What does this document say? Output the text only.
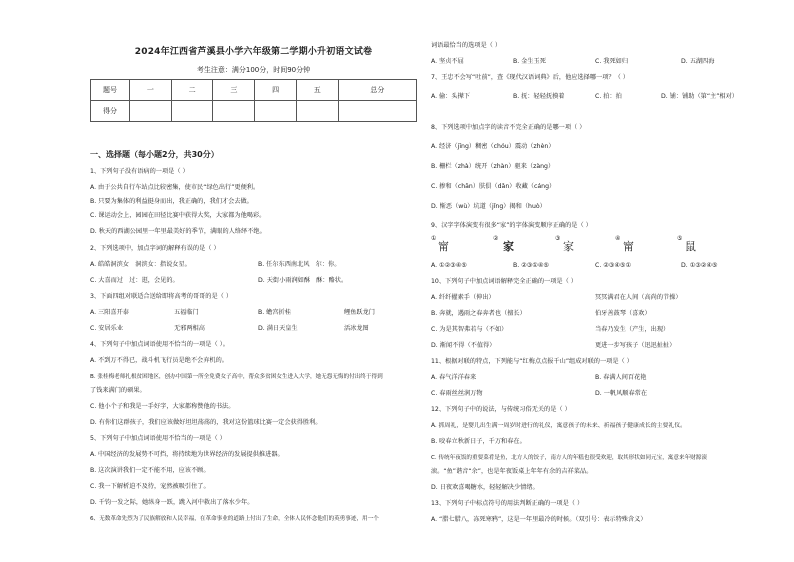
2024年江西省芦溪县小学六年级第二学期小升初语文试卷
考生注意：满分100分，时间90分钟
题号	一	二	三	四	五	总分
得分						
一、选择题（每小题2分，共30分）
1、下列句子没有语病的一项是（ ）
A. 由于公共自行车站点比较密集，使市民“绿色出行”更便利。
B. 只要为集体的利益挺身而出，我正确的，我们才会去做。
C. 课运动会上，园园在田径比赛中获得大奖，大家都为他喝彩。
D. 秋天的西湖公园里一年里最美好的季节，满眼的人络绎不绝。
2、下列选项中，加点字词的解释有误的是（ ）
A. 皓皓洞滨女　洞滨女：指说女星。	B. 任尔东西南北风　尔：你。
C. 大喜而过　过：逛，会见的。	D. 天街小雨润如酥　酥：酪状。
3、下面四组对联适合送给即将高考的哥哥的是（ ）
A. 三阳喜开泰	五福临门	B. 蟾宫折桂	鲤鱼跃龙门
C. 安居乐业	无邪两相高	D. 满日天皇生	活冰龙图
4、下列句子中加点词语使用不恰当的一项是（ ）。
A. 不到万不得已，战斗机飞行员是绝不会弃机的。
B. 张桂梅老师扎根贫困地区，创办中国第一所全免费女子高中，帮众多贫困女生进入大学，她无怨无悔的付出终于得到
了钱来满门的硕果。
C. 他小个子和我是一手好字，大家都称赞他的书法。
D. 有你们这群孩子，我们应该做好坦坦荡荡的，我对这份篮球比赛一定会获得胜利。
5、下列句子中加点词语使用不恰当的一项是（ ）
A. 中国经济的发展势不可挡，将持续地为世界经济的发展提供推进器。
B. 这次演讲我们一定不能不用，应该不顾。
C. 我一下解析迫不及待，宠然被吸引住了。
D. 千钧一发之际，她纵身一跃，跳入河中救出了落水少年。
6、无数革命先烈为了民族解放和人民幸福，在革命事业的道路上付出了生命，全体人民怀念他们的英勇事迹，用一个
词语最恰当的选项是（ ）
A. 坚贞不屈	B. 金生玉死	C. 我死如归	D. 五湖四海
7、王忠不会写“吐前”，查《现代汉语词典》后，他应选择哪一项？（ ）
A. 偷：头撵下	B. 抚：轻轻抚摸着	C. 拍：拍	D. 铺：铺助（第“主”相对）
8、下列选项中加点字的读音不完全正确的是哪一项（ ）
A. 经济（jīng）稠密（chóu）震动（zhèn）
B. 栅栏（zhà）统开（zhàn）驱来（zàng）
C. 掺和（chān）肤俱（dǎn）收藏（cáng）
D. 惭恶（wù）坑道（jǐng）揭和（huò）
9、汉字字体演变有很多“家”的字体演变顺序正确的是（ ）
①
甯
②
家
③
家
④
甯
⑤
鼠
A. ①②③④⑤	B. ②③①④⑤	C. ②③④⑤①	D. ①③②④⑤
10、下列句子中加点词语解释完全正确的一项是（ ）
A. 纤纤擢素手（伸出）	冥冥满君在人间（高尚的节操）
B. 奔就，遇雨之春奔者也（擅长）	伯牙善鼓琴（喜欢）
C. 为是其智弗若与（不如）	当春乃发生（产生，出现）
D. 渐闻不得（不值得）	更进一步写孩子（迅迅扯扯）
11、根据对联的特点，下列能与“红梅点点报千山”组成对联的一项是（ ）
A. 春气洋洋春来	B. 春满人间百花艳
C. 春雨丝丝润万物	D. 一帆风顺春常在
12、下列句子中的说法，与传统习俗无关的是（ ）
A. 抓周礼，是婴儿出生满一周岁时进行的礼仪，寓意孩子的未来、祈福孩子健康成长的主要礼仪。
B. 咬春立秋新日子，千万和春在。
C. 传统年夜饭的重要菜肴是鱼，北方人的饺子，南方人的年糕也很受欢迎，取其形状如同元宝，寓意来年财源滚
滚。“鱼”谐音“余”，也是年夜饭桌上年年有余的吉祥菜品。
D. 日夜欢喜喝糖水，轻轻解决少情绪。
13、下列句子中标点符号的用法判断正确的一项是（ ）
A. “腊七腊八，冻死寒鸦”，这是一年里最冷的时候。（双引号：表示特殊含义）
